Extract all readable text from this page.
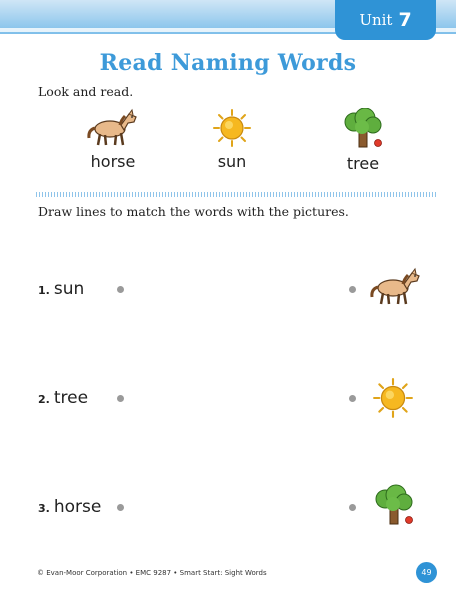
Unit 7
Read Naming Words
Look and read.
horse	sun	tree
Draw lines to match the words with the pictures.
1. sun
2. tree
3. horse
© Evan-Moor Corporation • EMC 9287 • Smart Start: Sight Words	49
